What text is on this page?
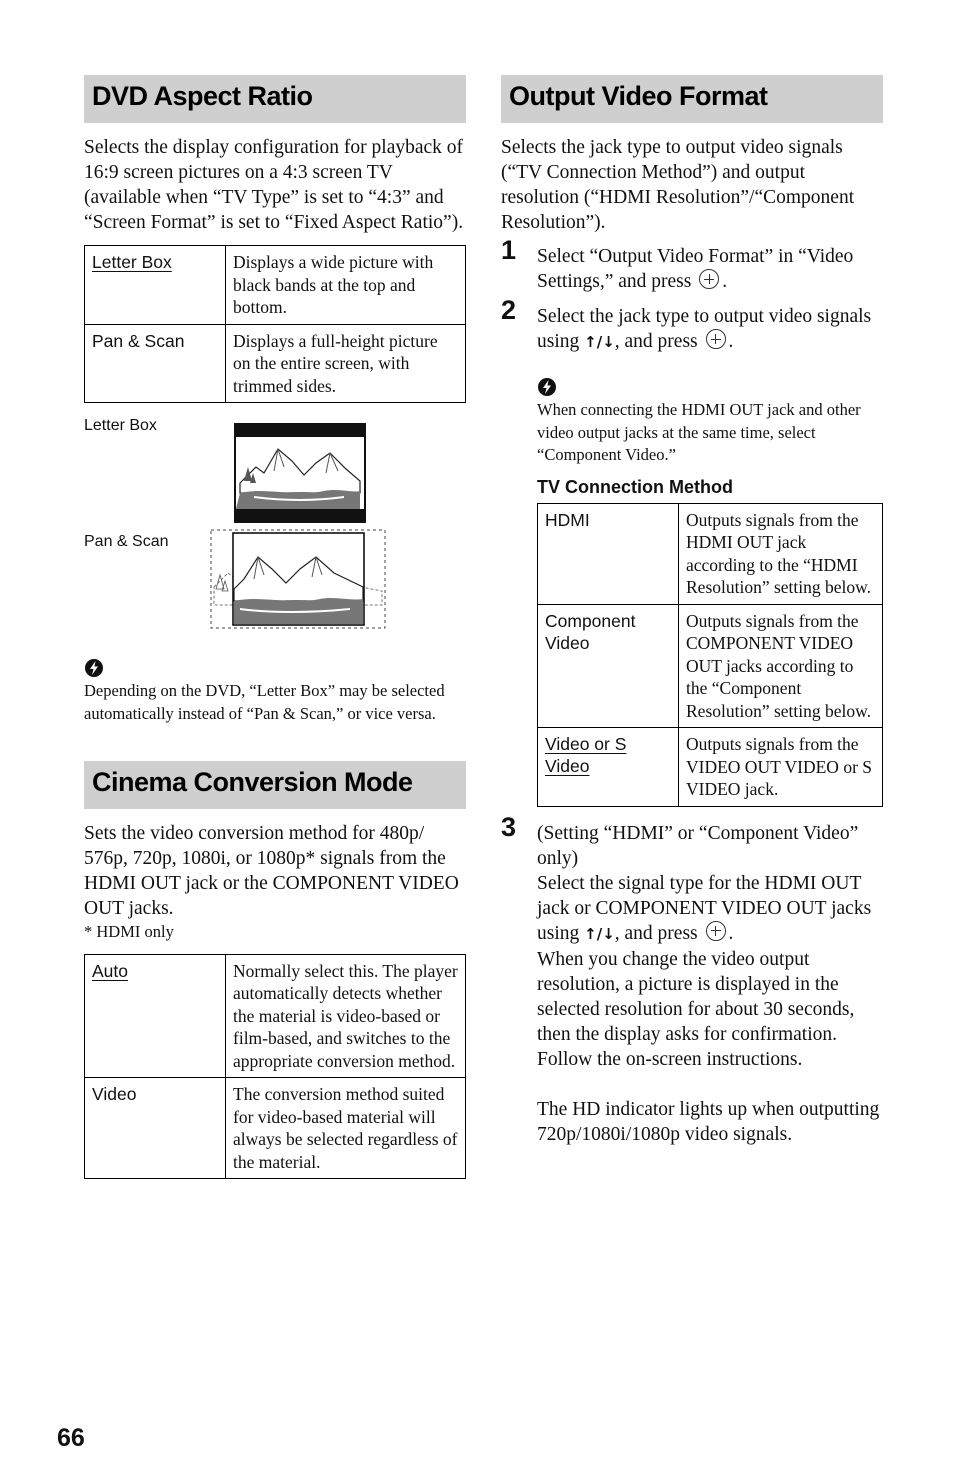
DVD Aspect Ratio

Selects the display configuration for playback of 16:9 screen pictures on a 4:3 screen TV (available when “TV Type” is set to “4:3” and “Screen Format” is set to “Fixed Aspect Ratio”).

Letter Box	Displays a wide picture with black bands at the top and bottom.
Pan & Scan	Displays a full-height picture on the entire screen, with trimmed sides.
Letter Box
Pan & Scan

Depending on the DVD, “Letter Box” may be selected automatically instead of “Pan & Scan,” or vice versa.

Cinema Conversion Mode

Sets the video conversion method for 480p/ 576p, 720p, 1080i, or 1080p* signals from the HDMI OUT jack or the COMPONENT VIDEO OUT jacks.

* HDMI only

Auto	Normally select this. The player automatically detects whether the material is video-based or film-based, and switches to the appropriate conversion method.
Video	The conversion method suited for video-based material will always be selected regardless of the material.
Output Video Format

Selects the jack type to output video signals (“TV Connection Method”) and output resolution (“HDMI Resolution”/“Component Resolution”).

1 Select “Output Video Format” in “Video Settings,” and press .
2 Select the jack type to output video signals using ↑/↓, and press .

When connecting the HDMI OUT jack and other video output jacks at the same time, select “Component Video.”

TV Connection Method
HDMI	Outputs signals from the HDMI OUT jack according to the “HDMI Resolution” setting below.
Component Video	Outputs signals from the COMPONENT VIDEO OUT jacks according to the “Component Resolution” setting below.
Video or S Video	Outputs signals from the VIDEO OUT VIDEO or S VIDEO jack.
3 (Setting “HDMI” or “Component Video” only)
Select the signal type for the HDMI OUT jack or COMPONENT VIDEO OUT jacks using ↑/↓, and press .
When you change the video output resolution, a picture is displayed in the selected resolution for about 30 seconds, then the display asks for confirmation. Follow the on-screen instructions.
The HD indicator lights up when outputting 720p/1080i/1080p video signals.
66
